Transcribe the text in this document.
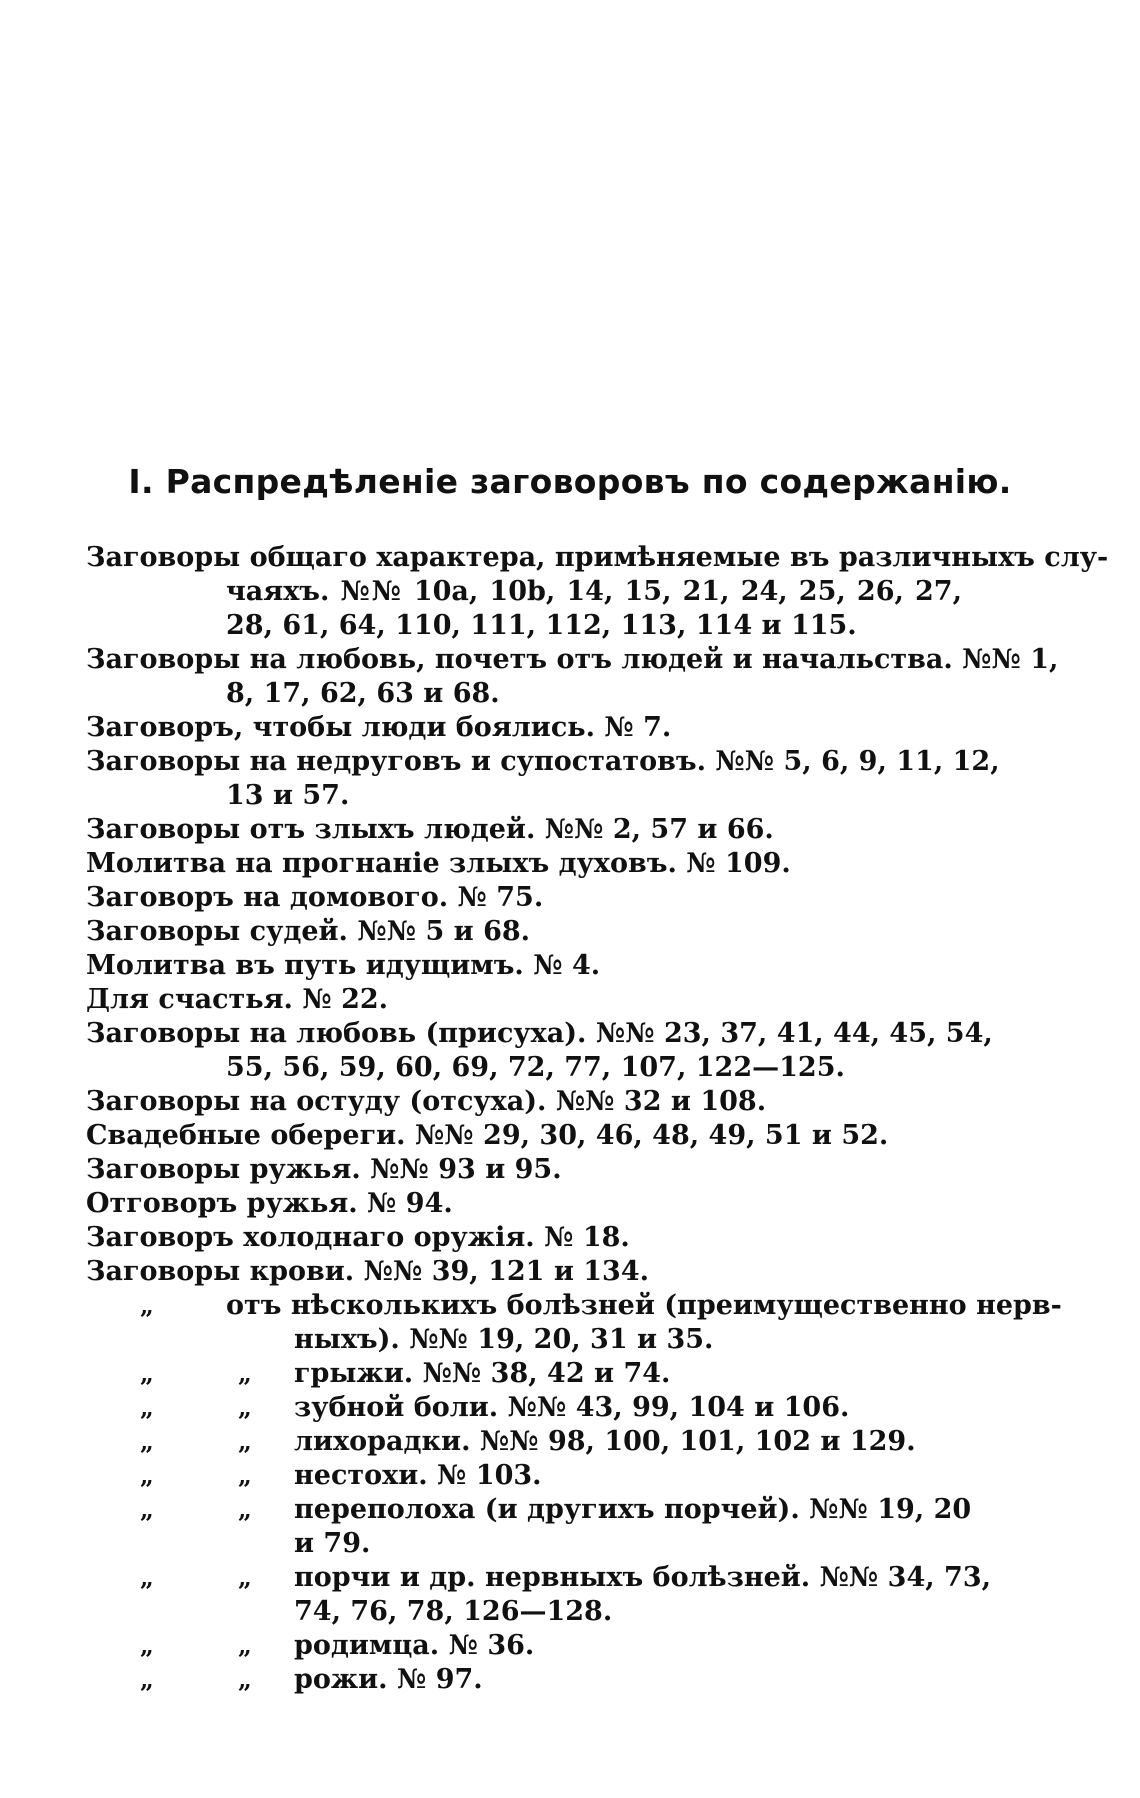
I. Распредѣленіе заговоровъ по содержанію.
Заговоры общаго характера, примѣняемые въ различныхъ слу-
чаяхъ. №№ 10a, 10b, 14, 15, 21, 24, 25, 26, 27,
28, 61, 64, 110, 111, 112, 113, 114 и 115.
Заговоры на любовь, почетъ отъ людей и начальства. №№ 1,
8, 17, 62, 63 и 68.
Заговоръ, чтобы люди боялись. № 7.
Заговоры на недруговъ и супостатовъ. №№ 5, 6, 9, 11, 12,
13 и 57.
Заговоры отъ злыхъ людей. №№ 2, 57 и 66.
Молитва на прогнаніе злыхъ духовъ. № 109.
Заговоръ на домового. № 75.
Заговоры судей. №№ 5 и 68.
Молитва въ путь идущимъ. № 4.
Для счастья. № 22.
Заговоры на любовь (присуха). №№ 23, 37, 41, 44, 45, 54,
55, 56, 59, 60, 69, 72, 77, 107, 122—125.
Заговоры на остуду (отсуха). №№ 32 и 108.
Свадебные обереги. №№ 29, 30, 46, 48, 49, 51 и 52.
Заговоры ружья. №№ 93 и 95.
Отговоръ ружья. № 94.
Заговоръ холоднаго оружія. № 18.
Заговоры крови. №№ 39, 121 и 134.
„	отъ нѣсколькихъ болѣзней (преимущественно нерв-
ныхъ). №№ 19, 20, 31 и 35.
„	„ грыжи. №№ 38, 42 и 74.
„	„ зубной боли. №№ 43, 99, 104 и 106.
„	„ лихорадки. №№ 98, 100, 101, 102 и 129.
„	„ нестохи. № 103.
„	„ переполоха (и другихъ порчей). №№ 19, 20
и 79.
„	„ порчи и др. нервныхъ болѣзней. №№ 34, 73,
74, 76, 78, 126—128.
„	„ родимца. № 36.
„	„ рожи. № 97.
